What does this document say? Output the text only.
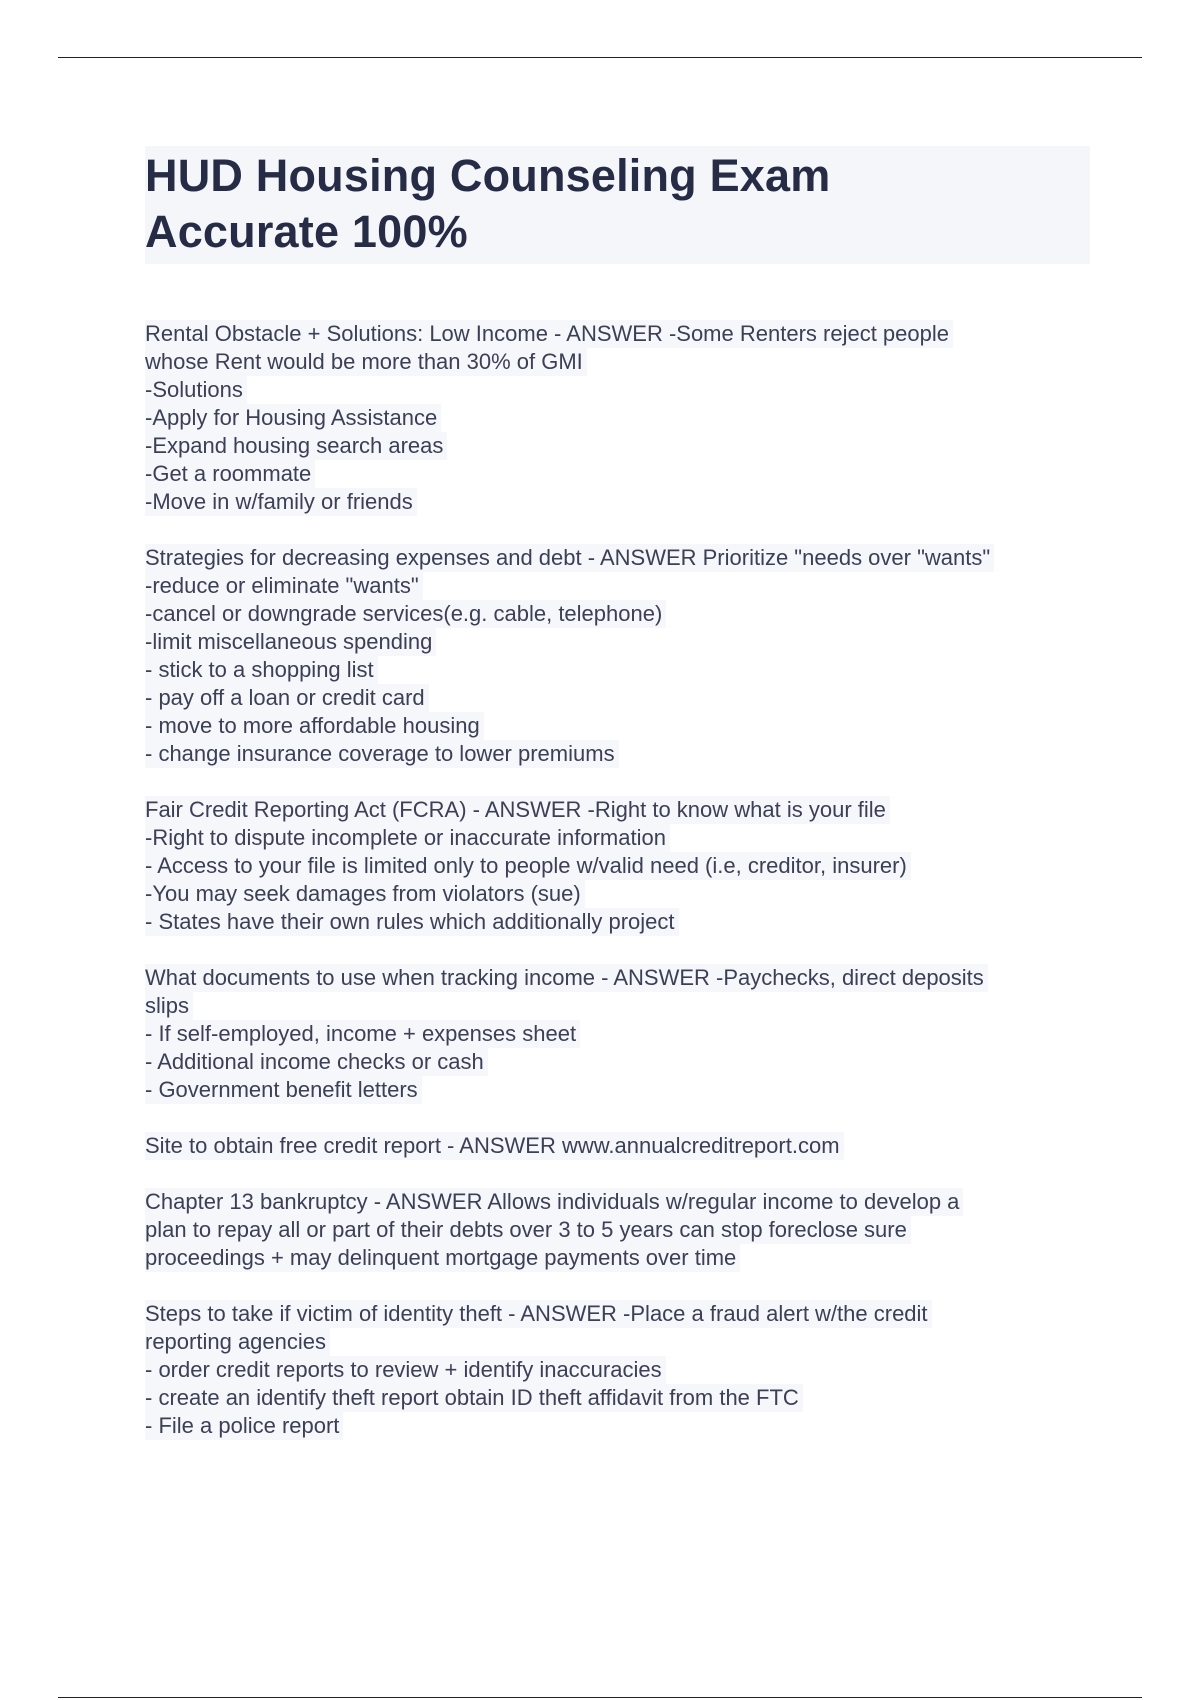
HUD Housing Counseling Exam
Accurate 100%
Rental Obstacle + Solutions: Low Income - ANSWER -Some Renters reject people
whose Rent would be more than 30% of GMI
-Solutions
-Apply for Housing Assistance
-Expand housing search areas
-Get a roommate
-Move in w/family or friends
Strategies for decreasing expenses and debt - ANSWER Prioritize "needs over "wants"
-reduce or eliminate "wants"
-cancel or downgrade services(e.g. cable, telephone)
-limit miscellaneous spending
- stick to a shopping list
- pay off a loan or credit card
- move to more affordable housing
- change insurance coverage to lower premiums
Fair Credit Reporting Act (FCRA) - ANSWER -Right to know what is your file
-Right to dispute incomplete or inaccurate information
- Access to your file is limited only to people w/valid need (i.e, creditor, insurer)
-You may seek damages from violators (sue)
- States have their own rules which additionally project
What documents to use when tracking income - ANSWER -Paychecks, direct deposits
slips
- If self-employed, income + expenses sheet
- Additional income checks or cash
- Government benefit letters
Site to obtain free credit report - ANSWER www.annualcreditreport.com
Chapter 13 bankruptcy - ANSWER Allows individuals w/regular income to develop a
plan to repay all or part of their debts over 3 to 5 years can stop foreclose sure
proceedings + may delinquent mortgage payments over time
Steps to take if victim of identity theft - ANSWER -Place a fraud alert w/the credit
reporting agencies
- order credit reports to review + identify inaccuracies
- create an identify theft report obtain ID theft affidavit from the FTC
- File a police report
